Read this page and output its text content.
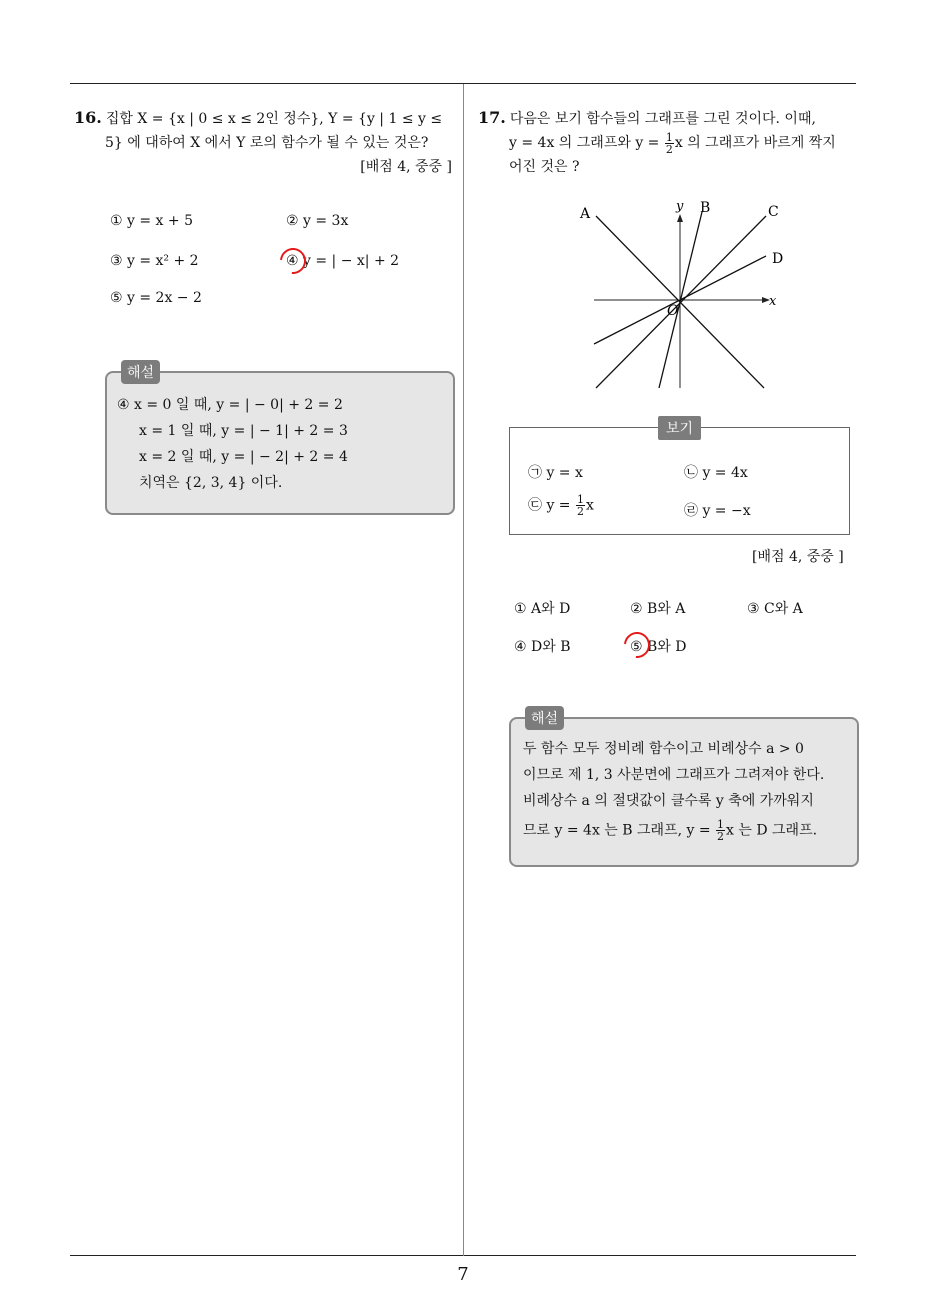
16. 집합 X = {x | 0 ≤ x ≤ 2인 정수}, Y = {y | 1 ≤ y ≤
5} 에 대하여 X 에서 Y 로의 함수가 될 수 있는 것은?
[배점 4, 중중 ]
① y = x + 5	② y = 3x
③ y = x² + 2	④ y = | − x| + 2
⑤ y = 2x − 2
해설
④ x = 0 일 때, y = | − 0| + 2 = 2
x = 1 일 때, y = | − 1| + 2 = 3
x = 2 일 때, y = | − 2| + 2 = 4
치역은 {2, 3, 4} 이다.
17. 다음은 보기 함수들의 그래프를 그린 것이다. 이때,
y = 4x 의 그래프와 $y = \frac{1}{2}$ x 의 그래프가 바르게 짝지
어진 것은 ?
A	B	C
D
y
x
O
보기
㉠ y = x	㉡ y = 4x
㉢ $y = \frac{1}{2}$ x	㉣ y = −x
[배점 4, 중중 ]
① A와 D	② B와 A	③ C와 A
④ D와 B	⑤ B와 D
해설
두 함수 모두 정비례 함수이고 비례상수 a > 0
이므로 제 1, 3 사분면에 그래프가 그려져야 한다.
비례상수 a 의 절댓값이 클수록 y 축에 가까워지
므로 y = 4x 는 B 그래프, $y = \frac{1}{2}$ x 는 D 그래프.
7
